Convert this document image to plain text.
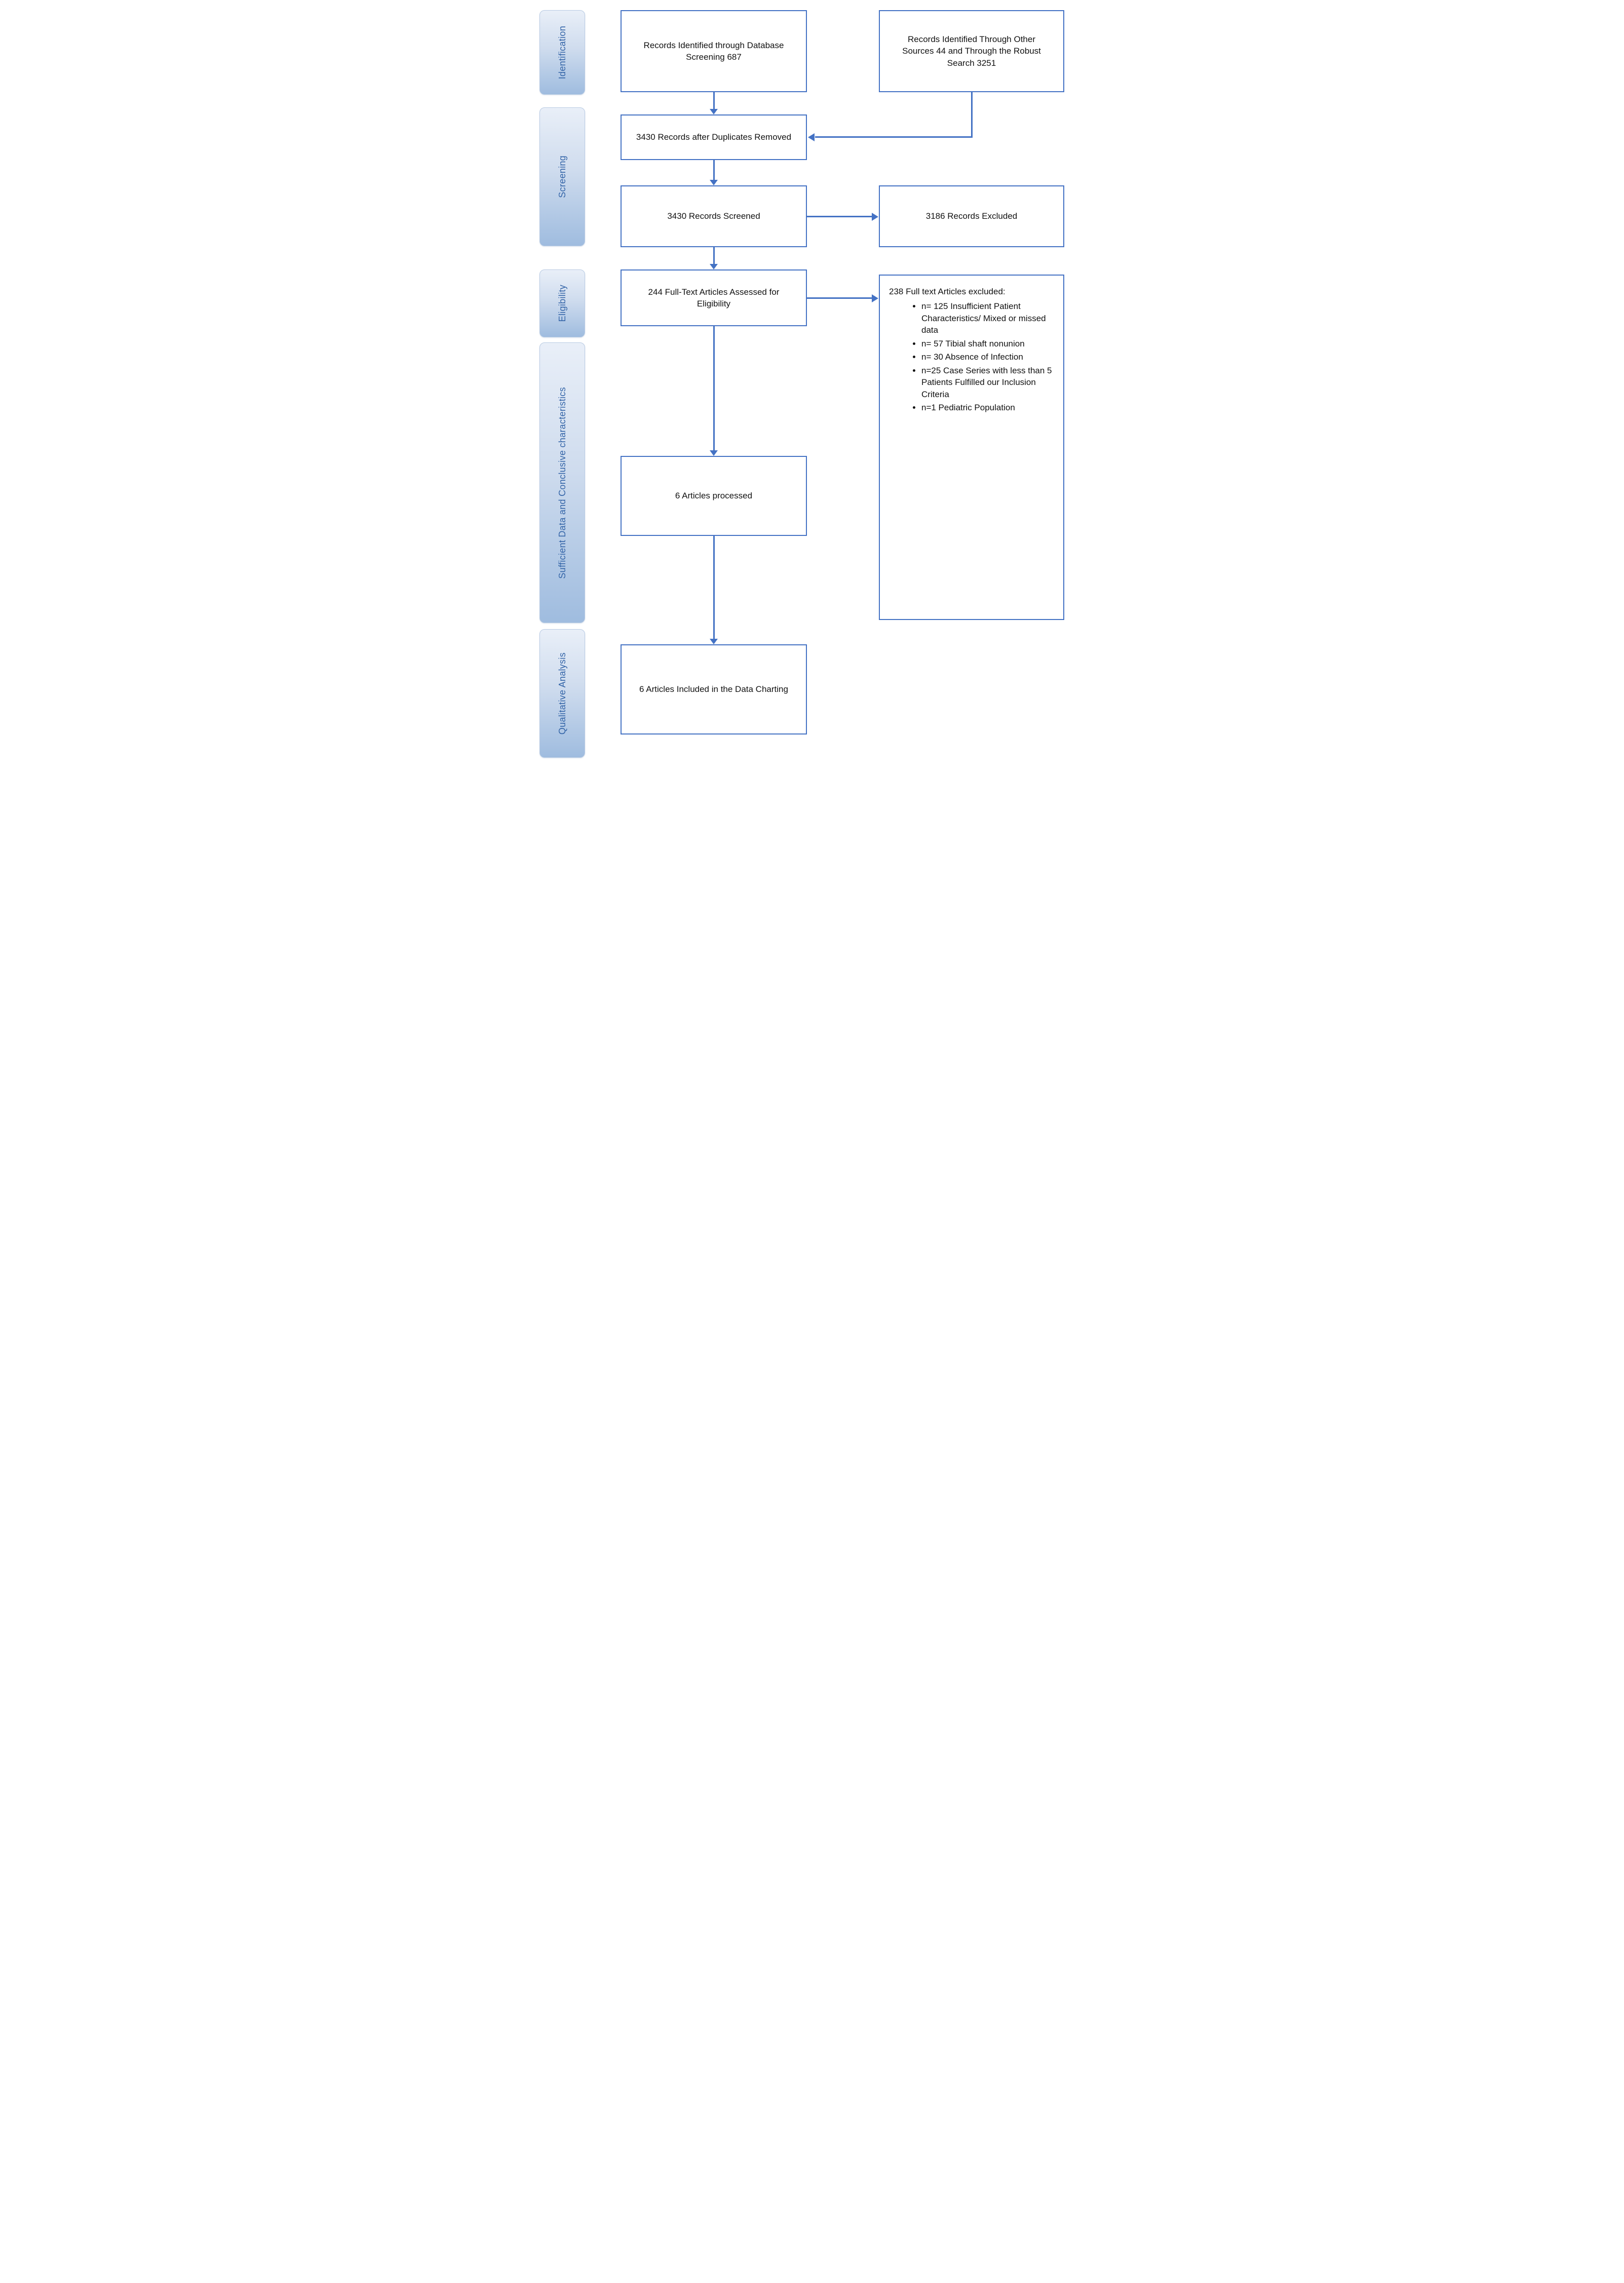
Identification
Screening
Eligibility
Sufficient Data and Conclusive characteristics
Qualitative Analysis
Records Identified through Database Screening 687
Records Identified Through Other Sources 44 and Through the Robust Search 3251
3430 Records after Duplicates Removed
3430 Records Screened	3186 Records Excluded
244 Full-Text Articles Assessed for Eligibility
238 Full text Articles excluded:
• n= 125 Insufficient Patient Characteristics/ Mixed or missed data
• n= 57 Tibial shaft nonunion
• n= 30 Absence of Infection
• n=25 Case Series with less than 5 Patients Fulfilled our Inclusion Criteria
• n=1 Pediatric Population
6 Articles processed
6 Articles Included in the Data Charting
